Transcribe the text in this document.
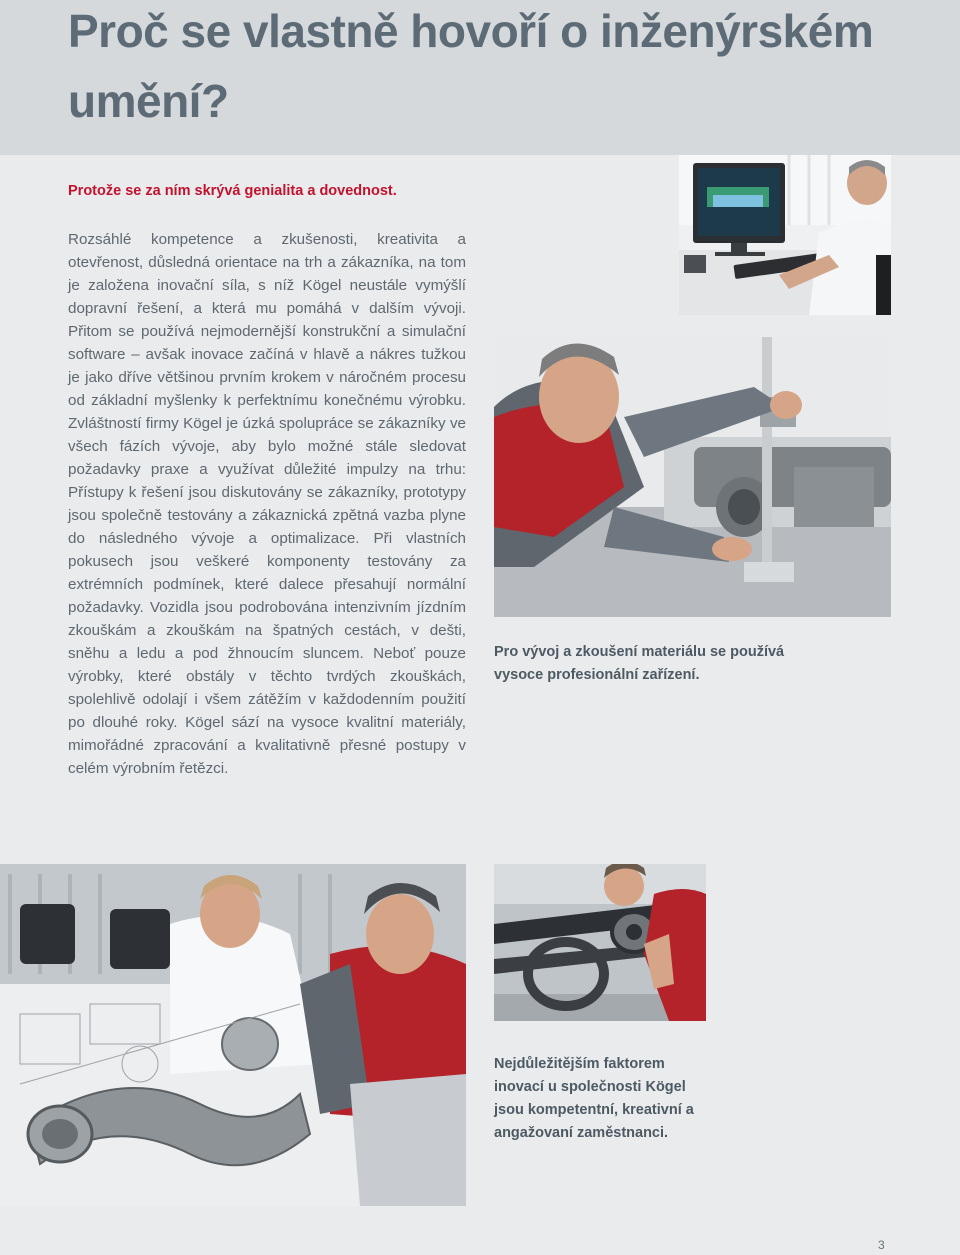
Proč se vlastně hovoří o inženýrském umění?
Protože se za ním skrývá genialita a dovednost.

Rozsáhlé kompetence a zkušenosti, kreativita a otevřenost, důsledná orientace na trh a zákazníka, na tom je založena inovační síla, s níž Kögel neustále vymýšlí dopravní řešení, a která mu pomáhá v dalším vývoji. Přitom se používá nejmodernější konstrukční a simulační software – avšak inovace začíná v hlavě a nákres tužkou je jako dříve většinou prvním krokem v náročném procesu od základní myšlenky k perfektnímu konečnému výrobku. Zvláštností firmy Kögel je úzká spolupráce se zákazníky ve všech fázích vývoje, aby bylo možné stále sledovat požadavky praxe a využívat důležité impulzy na trhu: Přístupy k řešení jsou diskutovány se zákazníky, prototypy jsou společně testovány a zákaznická zpětná vazba plyne do následného vývoje a optimalizace. Při vlastních pokusech jsou veškeré komponenty testovány za extrémních podmínek, které dalece přesahují normální požadavky. Vozidla jsou podrobována intenzivním jízdním zkouškám a zkouškám na špatných cestách, v dešti, sněhu a ledu a pod žhnoucím sluncem. Neboť pouze výrobky, které obstály v těchto tvrdých zkouškách, spolehlivě odolají i všem zátěžím v každodenním použití po dlouhé roky. Kögel sází na vysoce kvalitní materiály, mimořádné zpracování a kvalitativně přesné postupy v celém výrobním řetězci.

Pro vývoj a zkoušení materiálu se používá vysoce profesionální zařízení.
Nejdůležitějším faktorem inovací u společnosti Kögel jsou kompetentní, kreativní a angažovaní zaměstnanci.
3
